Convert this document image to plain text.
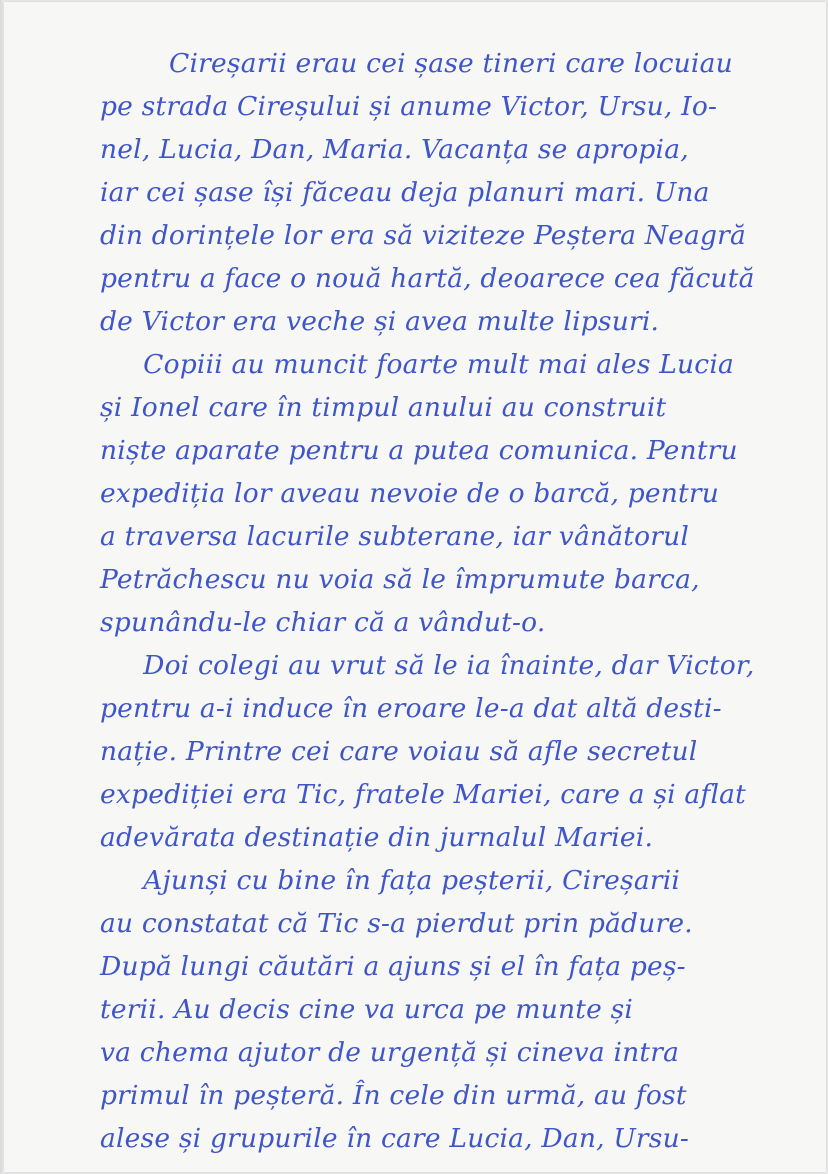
Cireșarii erau cei șase tineri care locuiau
pe strada Cireșului și anume Victor, Ursu, Io-
nel, Lucia, Dan, Maria. Vacanța se apropia,
iar cei șase își făceau deja planuri mari. Una
din dorințele lor era să viziteze Peștera Neagră
pentru a face o nouă hartă, deoarece cea făcută
de Victor era veche și avea multe lipsuri.
Copiii au muncit foarte mult mai ales Lucia
și Ionel care în timpul anului au construit
niște aparate pentru a putea comunica. Pentru
expediția lor aveau nevoie de o barcă, pentru
a traversa lacurile subterane, iar vânătorul
Petrăchescu nu voia să le împrumute barca,
spunându-le chiar că a vândut-o.
Doi colegi au vrut să le ia înainte, dar Victor,
pentru a-i induce în eroare le-a dat altă desti-
nație. Printre cei care voiau să afle secretul
expediției era Tic, fratele Mariei, care a și aflat
adevărata destinație din jurnalul Mariei.
Ajunși cu bine în fața peșterii, Cireșarii
au constatat că Tic s-a pierdut prin pădure.
După lungi căutări a ajuns și el în fața peș-
terii. Au decis cine va urca pe munte și
va chema ajutor de urgență și cineva intra
primul în peșteră. În cele din urmă, au fost
alese și grupurile în care Lucia, Dan, Ursu-
